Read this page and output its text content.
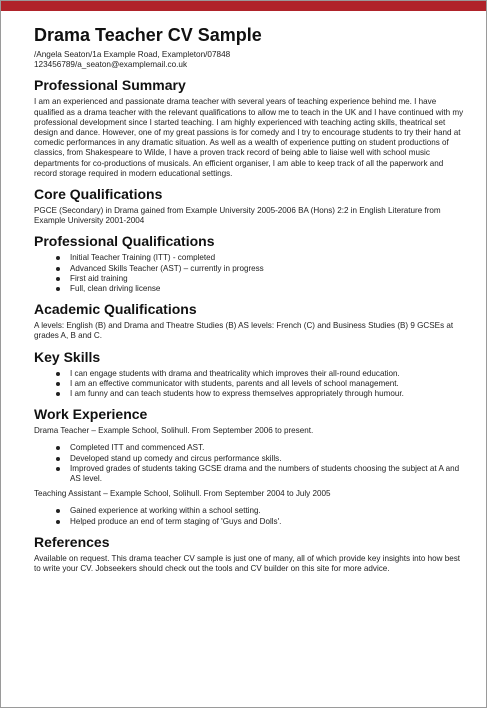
Drama Teacher CV Sample

/Angela Seaton/1a Example Road, Exampleton/07848

123456789/a_seaton@examplemail.co.uk

Professional Summary

I am an experienced and passionate drama teacher with several years of teaching experience behind me. I have qualified as a drama teacher with the relevant qualifications to allow me to teach in the UK and I have continued with my professional development since I started teaching. I am highly experienced with teaching acting skills, theatrical set design and dance. However, one of my great passions is for comedy and I try to encourage students to try their hand at comedic performances in any dramatic situation. As well as a wealth of experience putting on student productions of classics, from Shakespeare to Wilde, I have a proven track record of being able to liaise well with school music departments for co-productions of musicals. An efficient organiser, I am able to keep track of all the paperwork and record storage required in modern educational settings.

Core Qualifications

PGCE (Secondary) in Drama gained from Example University 2005-2006 BA (Hons) 2:2 in English Literature from Example University 2001-2004

Professional Qualifications
Initial Teacher Training (ITT) - completed
Advanced Skills Teacher (AST) – currently in progress
First aid training
Full, clean driving license
Academic Qualifications

A levels: English (B) and Drama and Theatre Studies (B) AS levels: French (C) and Business Studies (B) 9 GCSEs at grades A, B and C.

Key Skills
I can engage students with drama and theatricality which improves their all-round education.
I am an effective communicator with students, parents and all levels of school management.
I am funny and can teach students how to express themselves appropriately through humour.
Work Experience

Drama Teacher – Example School, Solihull. From September 2006 to present.

Completed ITT and commenced AST.
Developed stand up comedy and circus performance skills.
Improved grades of students taking GCSE drama and the numbers of students choosing the subject at A and AS level.

Teaching Assistant – Example School, Solihull. From September 2004 to July 2005

Gained experience at working within a school setting.
Helped produce an end of term staging of 'Guys and Dolls'.
References

Available on request. This drama teacher CV sample is just one of many, all of which provide key insights into how best to write your CV. Jobseekers should check out the tools and CV builder on this site for more advice.
